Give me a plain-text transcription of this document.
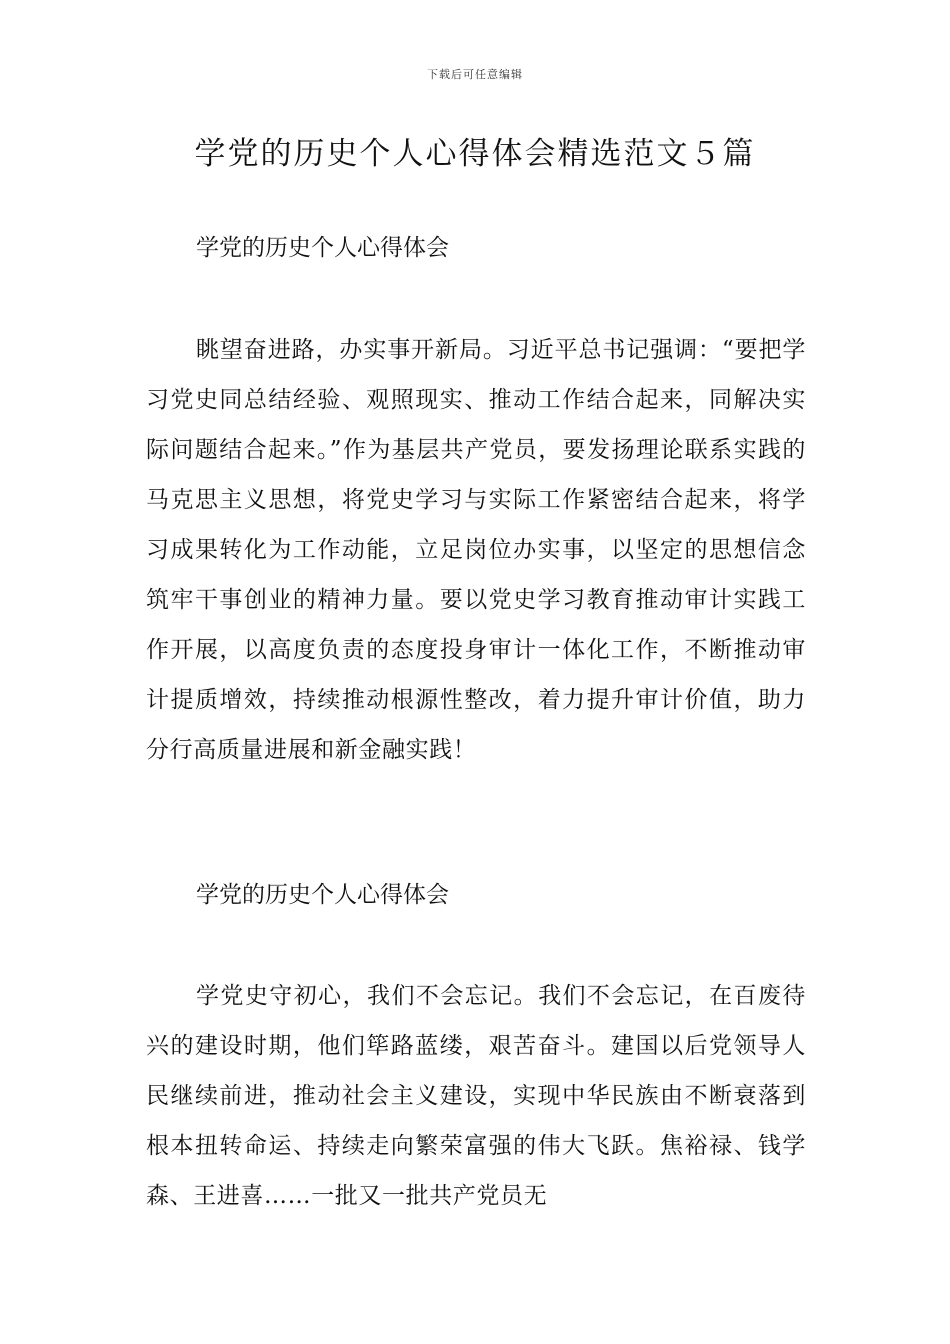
下载后可任意编辑
学党的历史个人心得体会精选范文５篇

学党的历史个人心得体会

眺望奋进路，办实事开新局。习近平总书记强调：“要把学习党史同总结经验、观照现实、推动工作结合起来，同解决实际问题结合起来。”作为基层共产党员，要发扬理论联系实践的马克思主义思想，将党史学习与实际工作紧密结合起来，将学习成果转化为工作动能，立足岗位办实事，以坚定的思想信念筑牢干事创业的精神力量。要以党史学习教育推动审计实践工作开展，以高度负责的态度投身审计一体化工作，不断推动审计提质增效，持续推动根源性整改，着力提升审计价值，助力分行高质量进展和新金融实践！

学党的历史个人心得体会

学党史守初心，我们不会忘记。我们不会忘记，在百废待兴的建设时期，他们筚路蓝缕，艰苦奋斗。建国以后党领导人民继续前进，推动社会主义建设，实现中华民族由不断衰落到根本扭转命运、持续走向繁荣富强的伟大飞跃。焦裕禄、钱学森、王进喜……一批又一批共产党员无
